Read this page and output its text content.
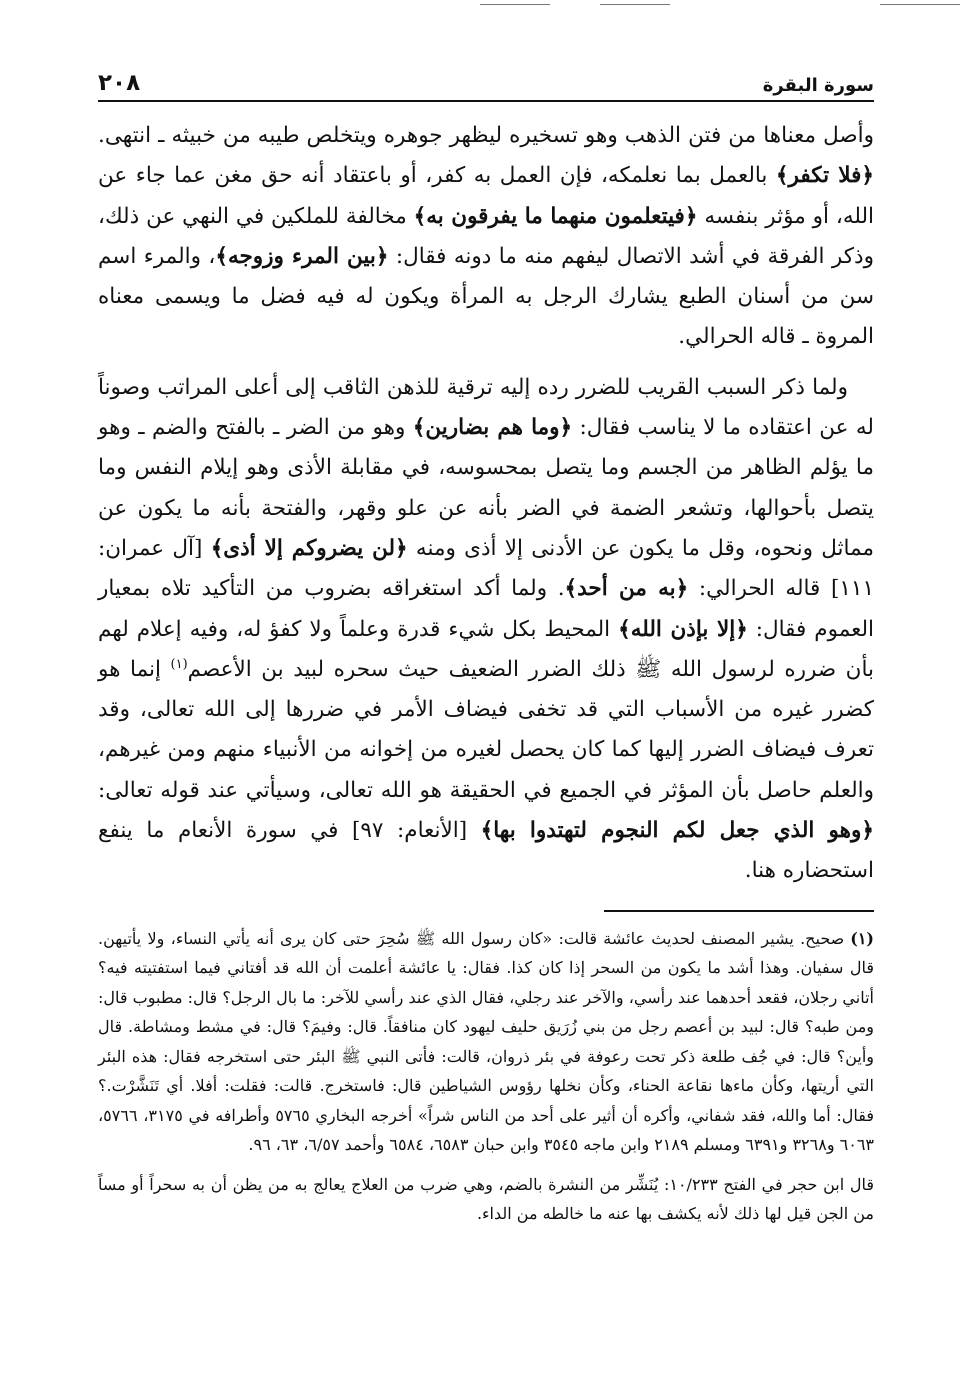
سورة البقرة
٢٠٨

وأصل معناها من فتن الذهب وهو تسخيره ليظهر جوهره ويتخلص طيبه من خبيثه ـ انتهى. ﴿فلا تكفر﴾ بالعمل بما نعلمكه، فإن العمل به كفر، أو باعتقاد أنه حق مغن عما جاء عن الله، أو مؤثر بنفسه ﴿فيتعلمون منهما ما يفرقون به﴾ مخالفة للملكين في النهي عن ذلك، وذكر الفرقة في أشد الاتصال ليفهم منه ما دونه فقال: ﴿بين المرء وزوجه﴾، والمرء اسم سن من أسنان الطبع يشارك الرجل به المرأة ويكون له فيه فضل ما ويسمى معناه المروة ـ قاله الحرالي.

ولما ذكر السبب القريب للضرر رده إليه ترقية للذهن الثاقب إلى أعلى المراتب وصوناً له عن اعتقاده ما لا يناسب فقال: ﴿وما هم بضارين﴾ وهو من الضر ـ بالفتح والضم ـ وهو ما يؤلم الظاهر من الجسم وما يتصل بمحسوسه، في مقابلة الأذى وهو إيلام النفس وما يتصل بأحوالها، وتشعر الضمة في الضر بأنه عن علو وقهر، والفتحة بأنه ما يكون عن مماثل ونحوه، وقل ما يكون عن الأدنى إلا أذى ومنه ﴿لن يضروكم إلا أذى﴾ [آل عمران: ١١١] قاله الحرالي: ﴿به من أحد﴾. ولما أكد استغراقه بضروب من التأكيد تلاه بمعيار العموم فقال: ﴿إلا بإذن الله﴾ المحيط بكل شيء قدرة وعلماً ولا كفؤ له، وفيه إعلام لهم بأن ضرره لرسول الله ﷺ ذلك الضرر الضعيف حيث سحره لبيد بن الأعصم$^{(١)}$ إنما هو كضرر غيره من الأسباب التي قد تخفى فيضاف الأمر في ضررها إلى الله تعالى، وقد تعرف فيضاف الضرر إليها كما كان يحصل لغيره من إخوانه من الأنبياء منهم ومن غيرهم، والعلم حاصل بأن المؤثر في الجميع في الحقيقة هو الله تعالى، وسيأتي عند قوله تعالى: ﴿وهو الذي جعل لكم النجوم لتهتدوا بها﴾ [الأنعام: ٩٧] في سورة الأنعام ما ينفع استحضاره هنا.

(١)صحيح. يشير المصنف لحديث عائشة قالت: «كان رسول الله ﷺ سُحِرَ حتى كان يرى أنه يأتي النساء، ولا يأتيهن. قال سفيان. وهذا أشد ما يكون من السحر إذا كان كذا. فقال: يا عائشة أعلمت أن الله قد أفتاني فيما استفتيته فيه؟ أتاني رجلان، فقعد أحدهما عند رأسي، والآخر عند رجلي، فقال الذي عند رأسي للآخر: ما بال الرجل؟ قال: مطبوب قال: ومن طبه؟ قال: لبيد بن أعصم رجل من بني زُرَيق حليف ليهود كان منافقاً. قال: وفيمَ؟ قال: في مشط ومشاطة. قال وأين؟ قال: في جُف طلعة ذكر تحت رعوفة في بئر ذروان، قالت: فأتى النبي ﷺ البئر حتى استخرجه فقال: هذه البئر التي أريتها، وكأن ماءها نقاعة الحناء، وكأن نخلها رؤوس الشياطين قال: فاستخرج. قالت: فقلت: أفلا. أي تَنَشَّرْت.؟ فقال: أما والله، فقد شفاني، وأكره أن أثير على أحد من الناس شراً» أخرجه البخاري ٥٧٦٥ وأطرافه في ٣١٧٥، ٥٧٦٦، ٦٠٦٣ و٣٢٦٨ و٦٣٩١ ومسلم ٢١٨٩ وابن ماجه ٣٥٤٥ وابن حبان ٦٥٨٣، ٦٥٨٤ وأحمد ٦/٥٧، ٦٣، ٩٦.

قال ابن حجر في الفتح ١٠/٢٣٣: يُنَشِّر من النشرة بالضم، وهي ضرب من العلاج يعالج به من يظن أن به سحراً أو مساً من الجن قيل لها ذلك لأنه يكشف بها عنه ما خالطه من الداء.
